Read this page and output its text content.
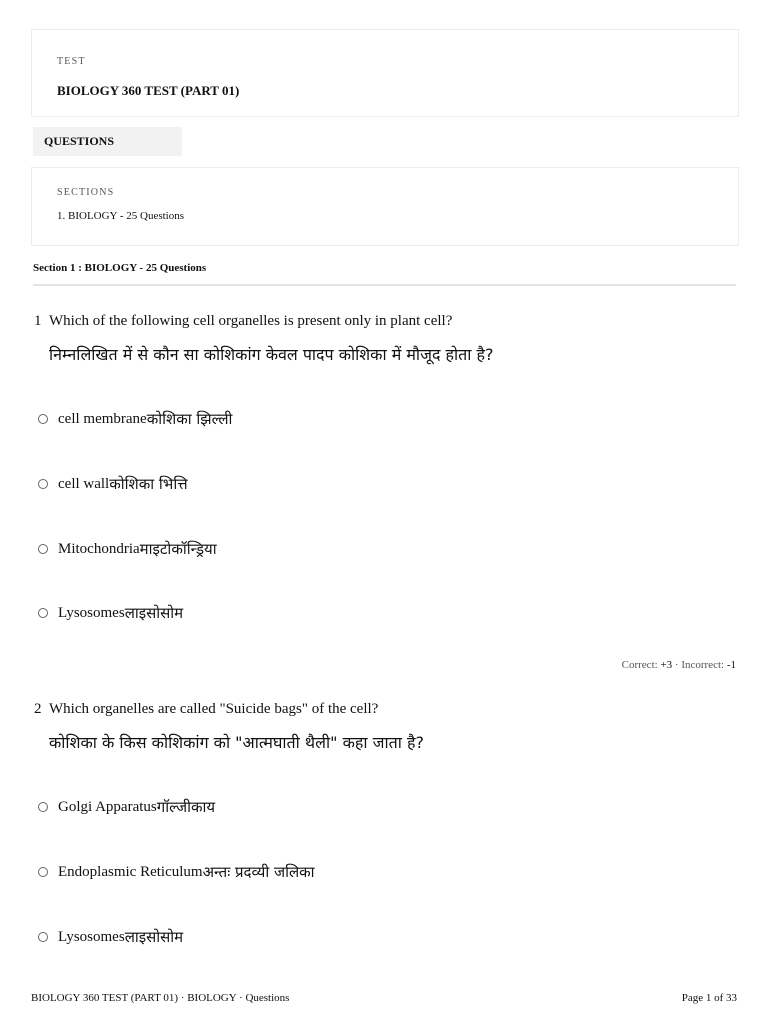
TEST
BIOLOGY 360 TEST (PART 01)
QUESTIONS
SECTIONS
1. BIOLOGY - 25 Questions
Section 1 : BIOLOGY - 25 Questions
1 Which of the following cell organelles is present only in plant cell?
निम्नलिखित में से कौन सा कोशिकांग केवल पादप कोशिका में मौजूद होता है?
cell membrane कोशिका झिल्ली
cell wall कोशिका भित्ति
Mitochondria माइटोकॉन्ड्रिया
Lysosomes लाइसोसोम
Correct: +3 · Incorrect: -1
2 Which organelles are called "Suicide bags" of the cell?
कोशिका के किस कोशिकांग को "आत्मघाती थैली" कहा जाता है?
Golgi Apparatus गॉल्जीकाय
Endoplasmic Reticulum अन्तः प्रदव्यी जलिका
Lysosomes लाइसोसोम
BIOLOGY 360 TEST (PART 01) · BIOLOGY · Questions	Page 1 of 33
